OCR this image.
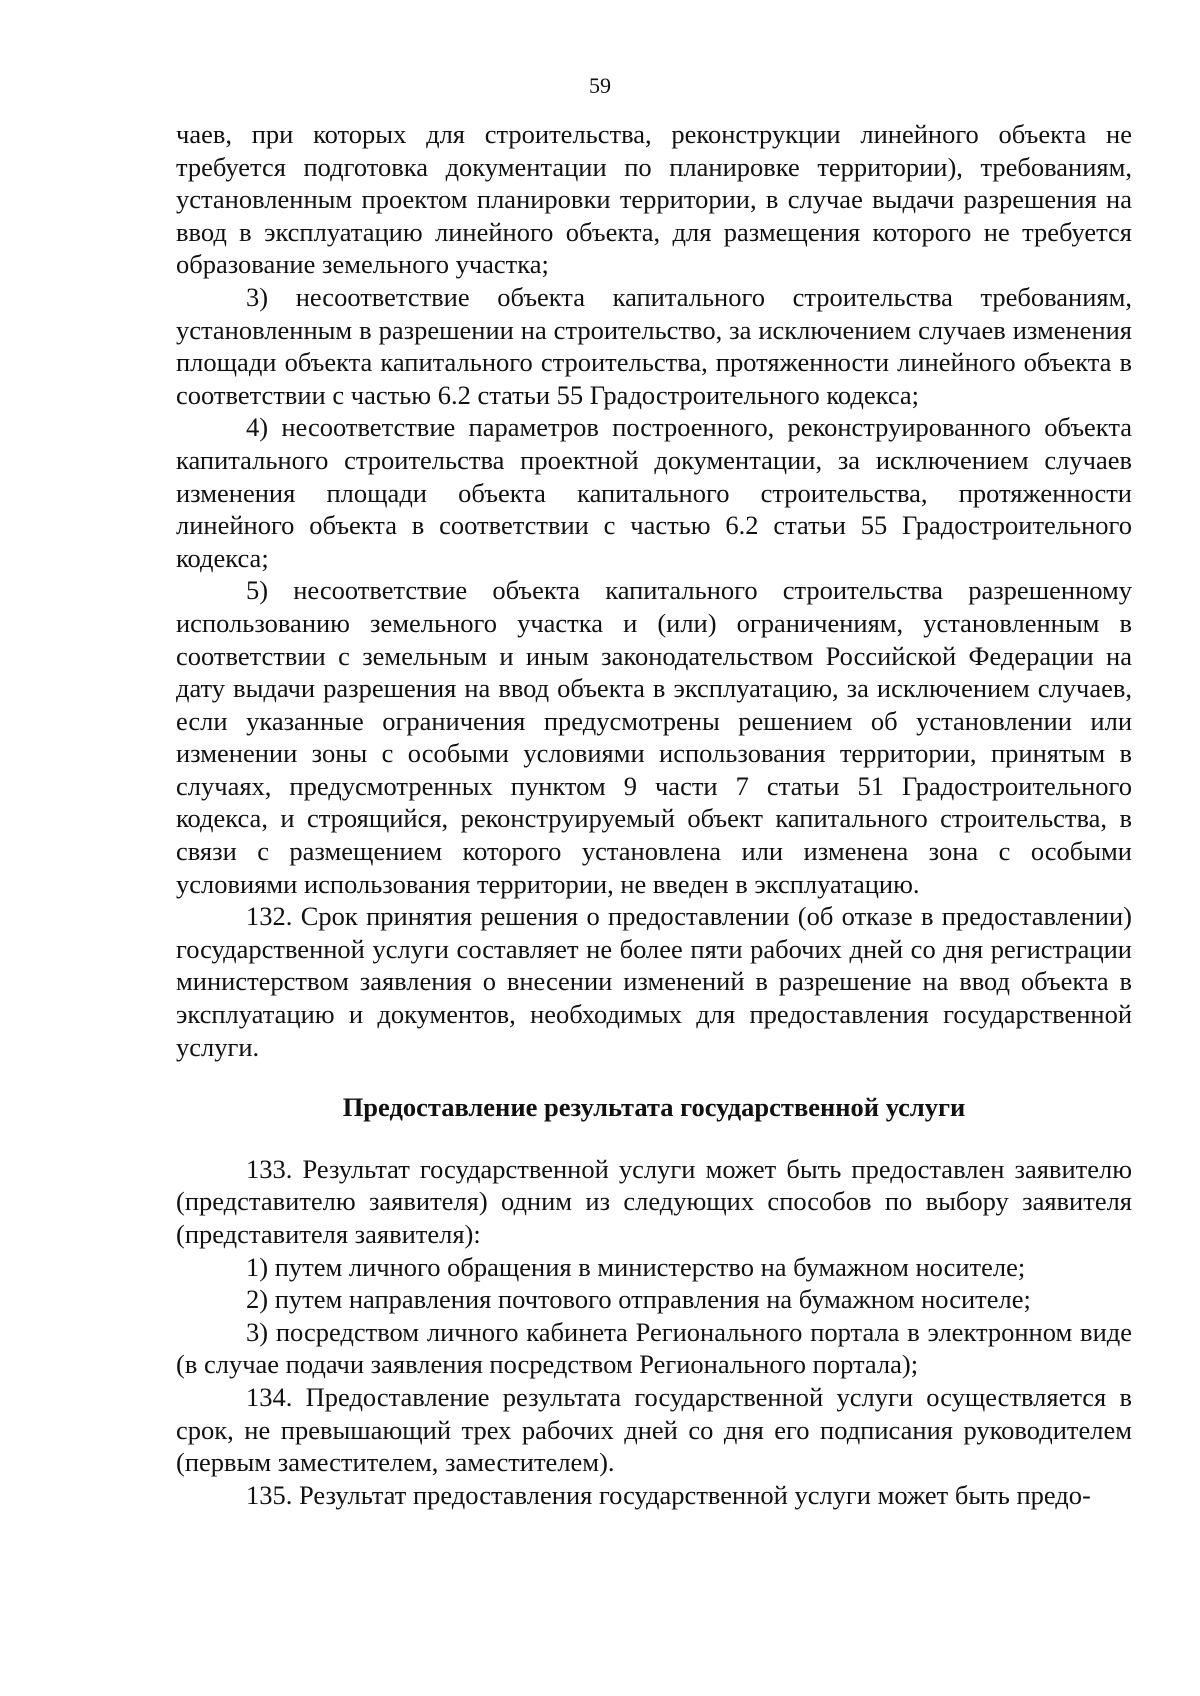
59

чаев, при которых для строительства, реконструкции линейного объекта не требуется подготовка документации по планировке территории), требованиям, установленным проектом планировки территории, в случае выдачи разрешения на ввод в эксплуатацию линейного объекта, для размещения которого не требуется образование земельного участка;

3) несоответствие объекта капитального строительства требованиям, установленным в разрешении на строительство, за исключением случаев изменения площади объекта капитального строительства, протяженности линейного объекта в соответствии с частью 6.2 статьи 55 Градостроительного кодекса;

4) несоответствие параметров построенного, реконструированного объекта капитального строительства проектной документации, за исключением случаев изменения площади объекта капитального строительства, протяженности линейного объекта в соответствии с частью 6.2 статьи 55 Градостроительного кодекса;

5) несоответствие объекта капитального строительства разрешенному использованию земельного участка и (или) ограничениям, установленным в соответствии с земельным и иным законодательством Российской Федерации на дату выдачи разрешения на ввод объекта в эксплуатацию, за исключением случаев, если указанные ограничения предусмотрены решением об установлении или изменении зоны с особыми условиями использования территории, принятым в случаях, предусмотренных пунктом 9 части 7 статьи 51 Градостроительного кодекса, и строящийся, реконструируемый объект капитального строительства, в связи с размещением которого установлена или изменена зона с особыми условиями использования территории, не введен в эксплуатацию.

132. Срок принятия решения о предоставлении (об отказе в предоставлении) государственной услуги составляет не более пяти рабочих дней со дня регистрации министерством заявления о внесении изменений в разрешение на ввод объекта в эксплуатацию и документов, необходимых для предоставления государственной услуги.

Предоставление результата государственной услуги

133. Результат государственной услуги может быть предоставлен заявителю (представителю заявителя) одним из следующих способов по выбору заявителя (представителя заявителя):

1) путем личного обращения в министерство на бумажном носителе;

2) путем направления почтового отправления на бумажном носителе;

3) посредством личного кабинета Регионального портала в электронном виде (в случае подачи заявления посредством Регионального портала);

134. Предоставление результата государственной услуги осуществляется в срок, не превышающий трех рабочих дней со дня его подписания руководителем (первым заместителем, заместителем).

135. Результат предоставления государственной услуги может быть предо-
